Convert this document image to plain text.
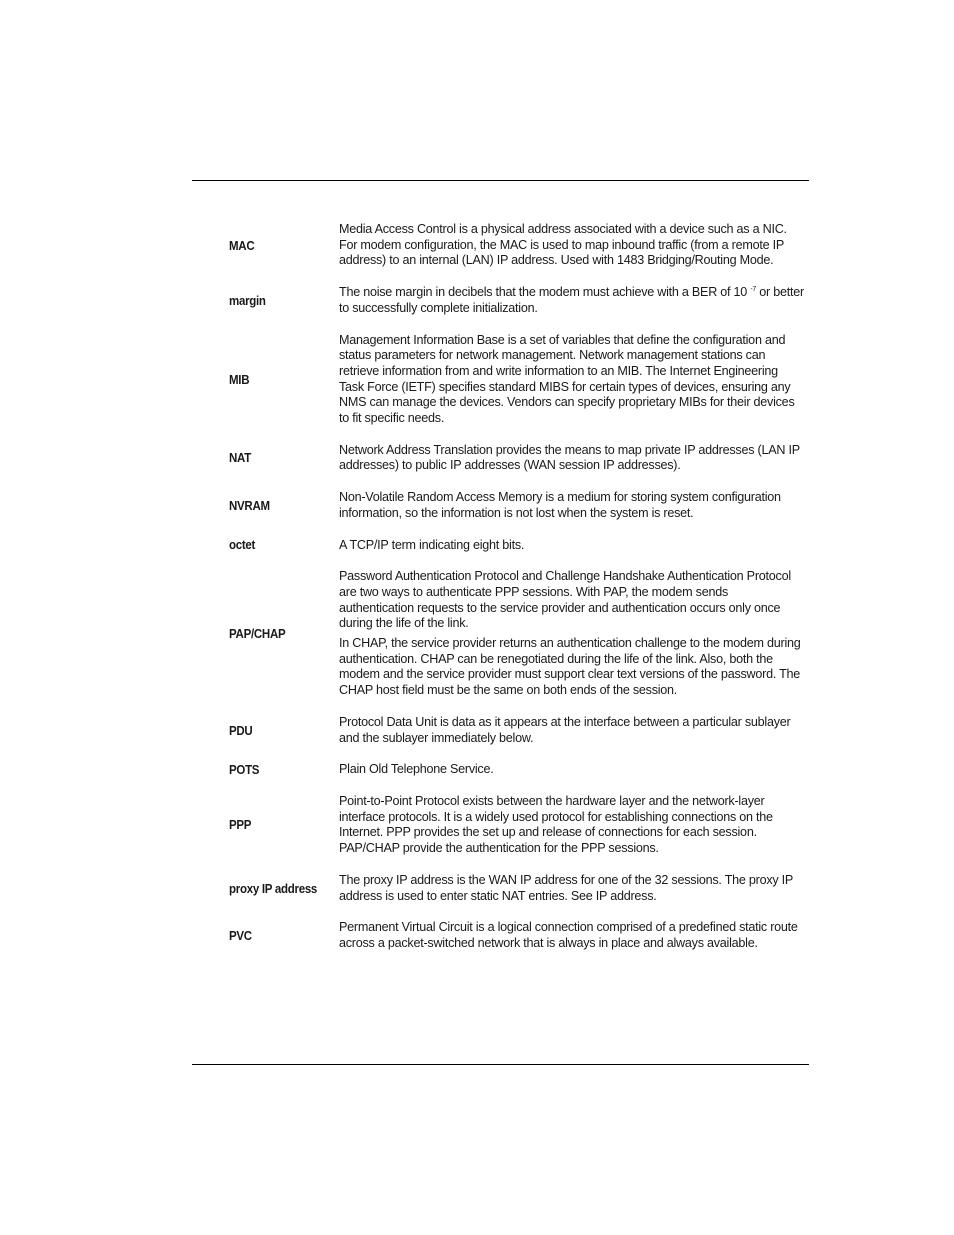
MAC

Media Access Control is a physical address associated with a device such as a NIC. For modem configuration, the MAC is used to map inbound traffic (from a remote IP address) to an internal (LAN) IP address. Used with 1483 Bridging/Routing Mode.

margin

The noise margin in decibels that the modem must achieve with a BER of 10 $^{-7}$ or better to successfully complete initialization.

MIB

Management Information Base is a set of variables that define the configuration and status parameters for network management. Network management stations can retrieve information from and write information to an MIB. The Internet Engineering Task Force (IETF) specifies standard MIBS for certain types of devices, ensuring any NMS can manage the devices. Vendors can specify proprietary MIBs for their devices to fit specific needs.

NAT

Network Address Translation provides the means to map private IP addresses (LAN IP addresses) to public IP addresses (WAN session IP addresses).

NVRAM

Non-Volatile Random Access Memory is a medium for storing system configuration information, so the information is not lost when the system is reset.

octet	A TCP/IP term indicating eight bits.

PAP/CHAP

Password Authentication Protocol and Challenge Handshake Authentication Protocol are two ways to authenticate PPP sessions. With PAP, the modem sends authentication requests to the service provider and authentication occurs only once during the life of the link.

In CHAP, the service provider returns an authentication challenge to the modem during authentication. CHAP can be renegotiated during the life of the link. Also, both the modem and the service provider must support clear text versions of the password. The CHAP host field must be the same on both ends of the session.

PDU

Protocol Data Unit is data as it appears at the interface between a particular sublayer and the sublayer immediately below.

POTS	Plain Old Telephone Service.

PPP

Point-to-Point Protocol exists between the hardware layer and the network-layer interface protocols. It is a widely used protocol for establishing connections on the Internet. PPP provides the set up and release of connections for each session. PAP/CHAP provide the authentication for the PPP sessions.

proxy IP address

The proxy IP address is the WAN IP address for one of the 32 sessions. The proxy IP address is used to enter static NAT entries. See IP address.

PVC

Permanent Virtual Circuit is a logical connection comprised of a predefined static route across a packet-switched network that is always in place and always available.
